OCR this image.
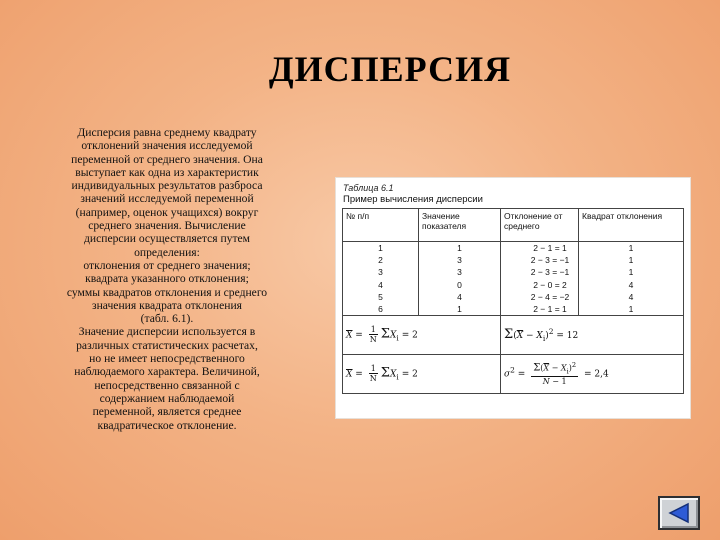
ДИСПЕРСИЯ
Дисперсия равна среднему квадрату
отклонений значения исследуемой
переменной от среднего значения. Она
выступает как одна из характеристик
индивидуальных результатов разброса
значений исследуемой переменной
(например, оценок учащихся) вокруг
среднего значения. Вычисление
дисперсии осуществляется путем
определения:
отклонения от среднего значения;
квадрата указанного отклонения;
суммы квадратов отклонения и среднего
значения квадрата отклонения
(табл. 6.1).
Значение дисперсии используется в
различных статистических расчетах,
но не имеет непосредственного
наблюдаемого характера. Величиной,
непосредственно связанной с
содержанием наблюдаемой
переменной, является среднее
квадратическое отклонение.
Таблица 6.1
Пример вычисления дисперсии
№ п/п	Значение показателя	Отклонение от среднего	Квадрат отклонения
1	1	2 − 1 = 1	1
2	3	2 − 3 = −1	1
3	3	2 − 3 = −1	1
4	0	2 − 0 = 2	4
5	4	2 − 4 = −2	4
6	1	2 − 1 = 1	1
$\overline{X} = \frac{1}{N} \Sigma X_i = 2$		$\Sigma(\overline{X} - X_i)^2 = 12$	
$\overline{X} = \frac{1}{N} \Sigma X_i = 2$		$\sigma^2 = \frac{\Sigma(\overline{X} - X_i)^2}{N - 1} = 2,4$	
